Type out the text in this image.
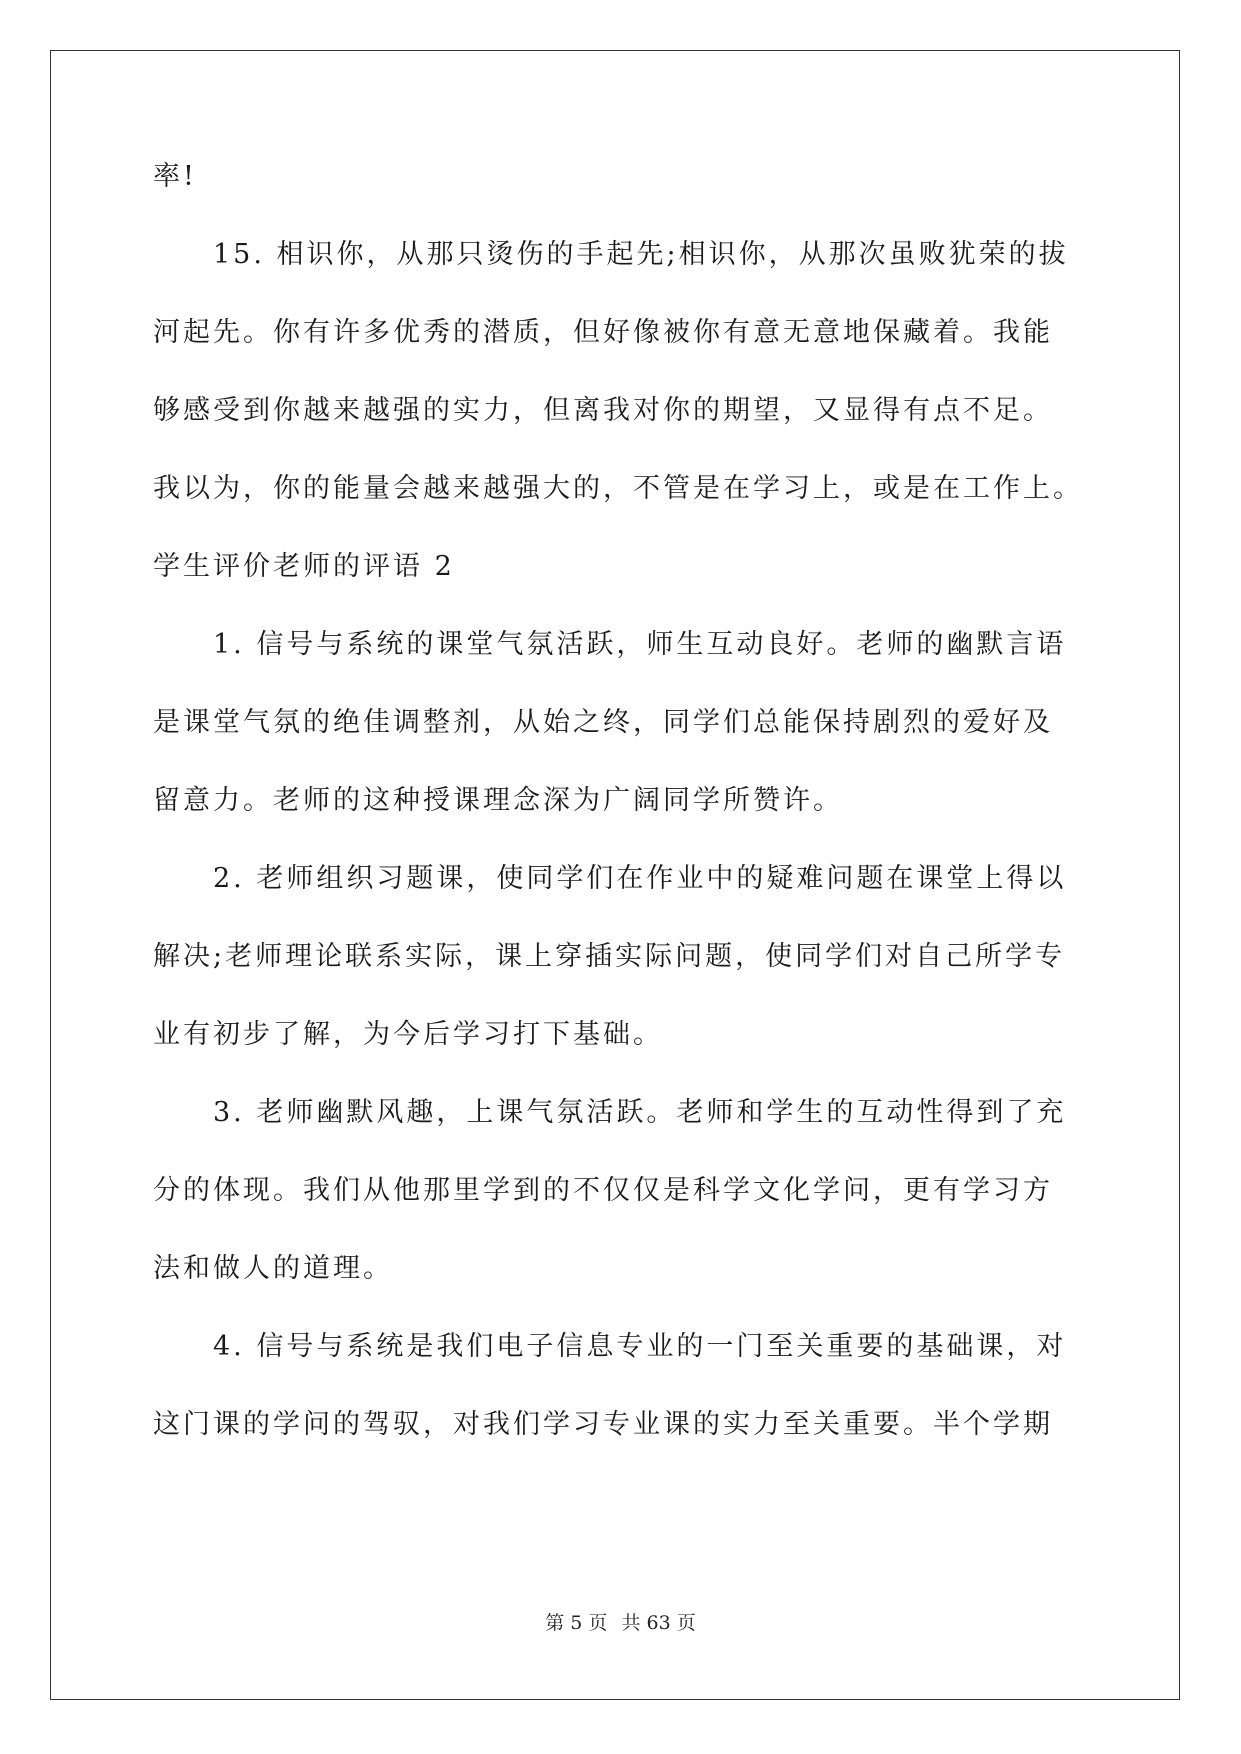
率!
15. 相识你，从那只烫伤的手起先;相识你，从那次虽败犹荣的拔
河起先。你有许多优秀的潜质，但好像被你有意无意地保藏着。我能
够感受到你越来越强的实力，但离我对你的期望，又显得有点不足。
我以为，你的能量会越来越强大的，不管是在学习上，或是在工作上。
学生评价老师的评语 2
1. 信号与系统的课堂气氛活跃，师生互动良好。老师的幽默言语
是课堂气氛的绝佳调整剂，从始之终，同学们总能保持剧烈的爱好及
留意力。老师的这种授课理念深为广阔同学所赞许。
2. 老师组织习题课，使同学们在作业中的疑难问题在课堂上得以
解决;老师理论联系实际，课上穿插实际问题，使同学们对自己所学专
业有初步了解，为今后学习打下基础。
3. 老师幽默风趣，上课气氛活跃。老师和学生的互动性得到了充
分的体现。我们从他那里学到的不仅仅是科学文化学问，更有学习方
法和做人的道理。
4. 信号与系统是我们电子信息专业的一门至关重要的基础课，对
这门课的学问的驾驭，对我们学习专业课的实力至关重要。半个学期
第 5 页 共 63 页
